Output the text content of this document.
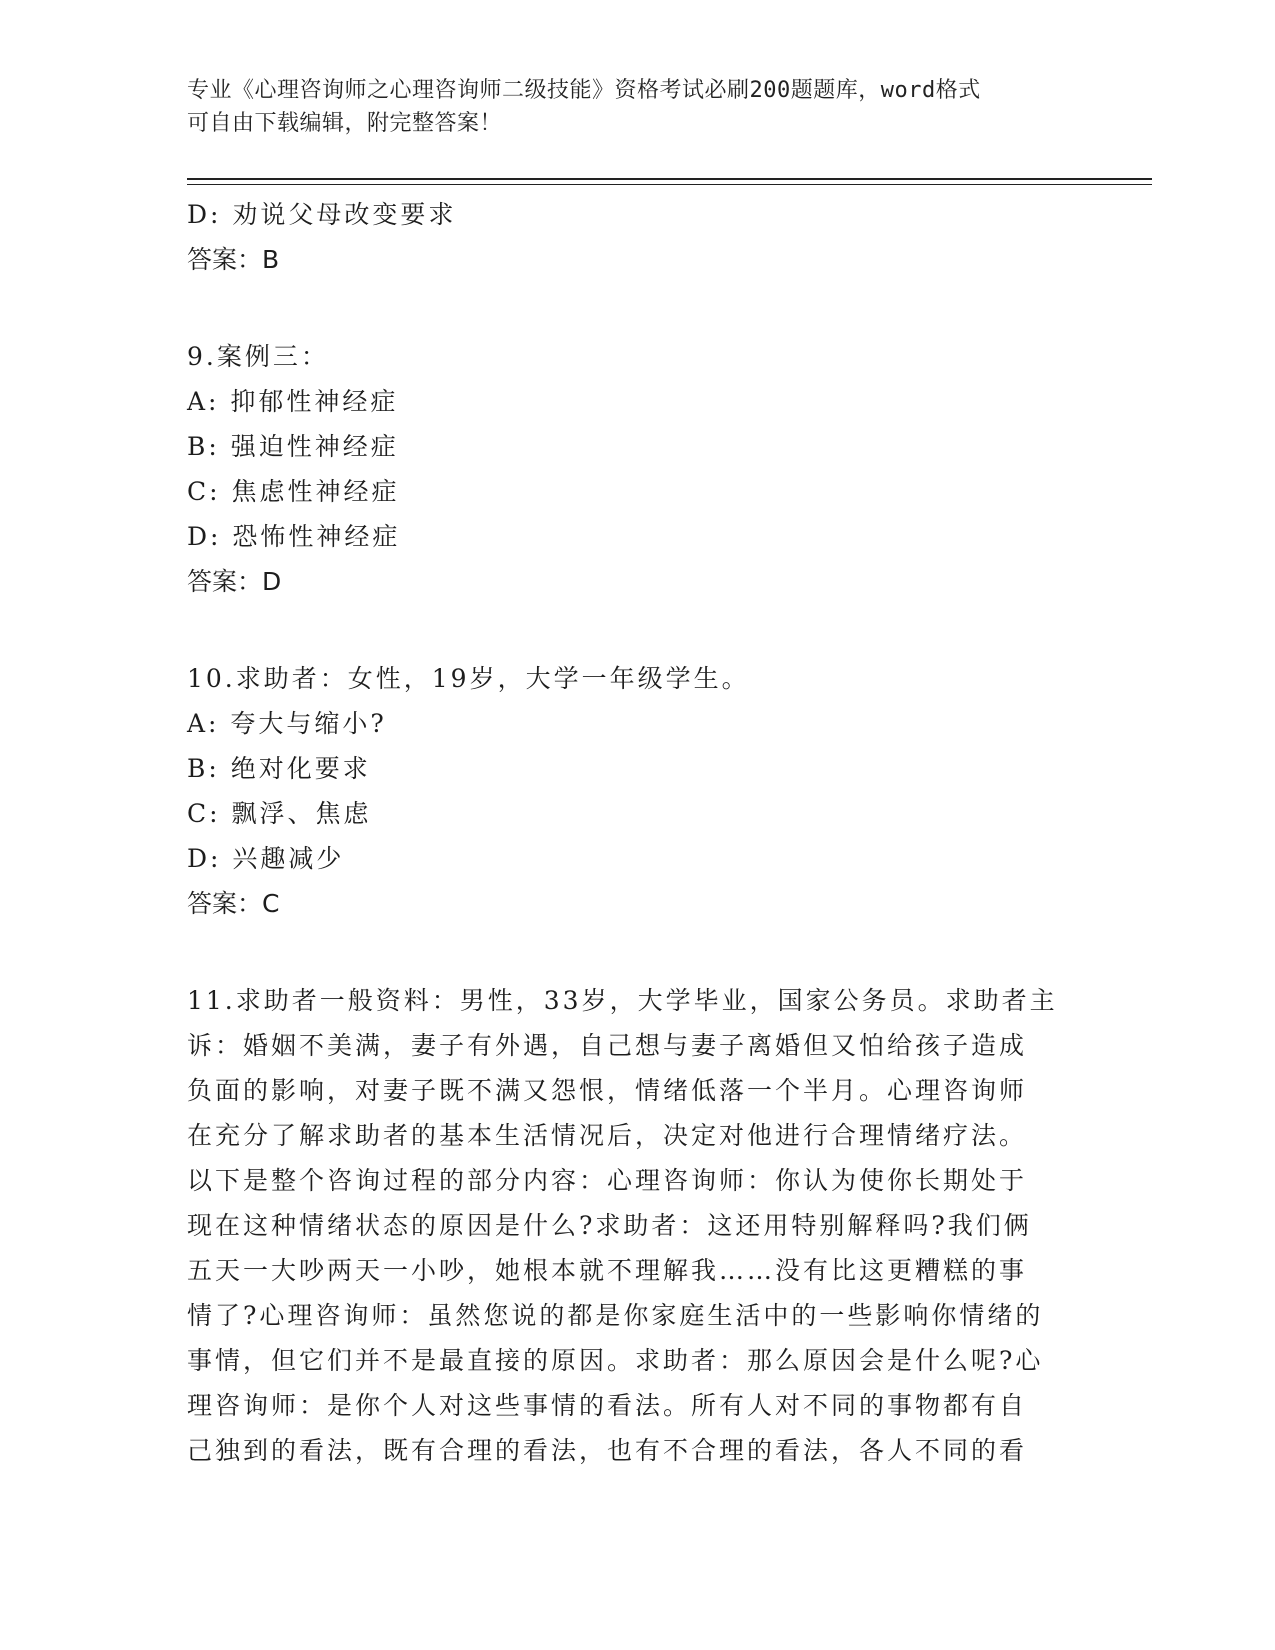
专业《心理咨询师之心理咨询师二级技能》资格考试必刷200题题库，word格式

可自由下载编辑，附完整答案！

D: 劝说父母改变要求
答案：B
9.案例三：
A: 抑郁性神经症
B: 强迫性神经症
C: 焦虑性神经症
D: 恐怖性神经症
答案：D
10.求助者：女性，19岁，大学一年级学生。
A: 夸大与缩小?
B: 绝对化要求
C: 飘浮、焦虑
D: 兴趣减少
答案：C
11.求助者一般资料：男性，33岁，大学毕业，国家公务员。求助者主
诉：婚姻不美满，妻子有外遇，自己想与妻子离婚但又怕给孩子造成
负面的影响，对妻子既不满又怨恨，情绪低落一个半月。心理咨询师
在充分了解求助者的基本生活情况后，决定对他进行合理情绪疗法。
以下是整个咨询过程的部分内容：心理咨询师：你认为使你长期处于
现在这种情绪状态的原因是什么?求助者：这还用特别解释吗?我们俩
五天一大吵两天一小吵，她根本就不理解我……没有比这更糟糕的事
情了?心理咨询师：虽然您说的都是你家庭生活中的一些影响你情绪的
事情，但它们并不是最直接的原因。求助者：那么原因会是什么呢?心
理咨询师：是你个人对这些事情的看法。所有人对不同的事物都有自
己独到的看法，既有合理的看法，也有不合理的看法，各人不同的看
